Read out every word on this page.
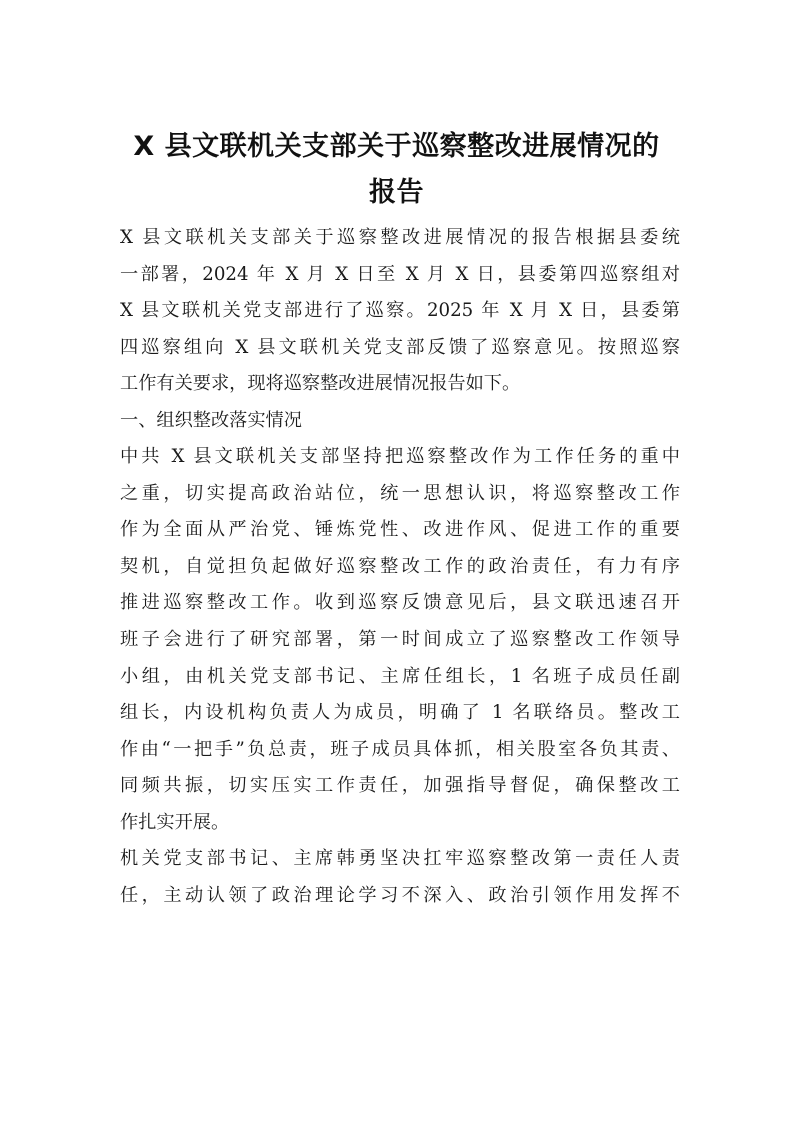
X 县文联机关支部关于巡察整改进展情况的
报告

X 县文联机关支部关于巡察整改进展情况的报告根据县委统

一部署，2024 年 X 月 X 日至 X 月 X 日，县委第四巡察组对

X 县文联机关党支部进行了巡察。2025 年 X 月 X 日，县委第

四巡察组向 X 县文联机关党支部反馈了巡察意见。按照巡察

工作有关要求，现将巡察整改进展情况报告如下。

一、组织整改落实情况

中共 X 县文联机关支部坚持把巡察整改作为工作任务的重中

之重，切实提高政治站位，统一思想认识，将巡察整改工作

作为全面从严治党、锤炼党性、改进作风、促进工作的重要

契机，自觉担负起做好巡察整改工作的政治责任，有力有序

推进巡察整改工作。收到巡察反馈意见后，县文联迅速召开

班子会进行了研究部署，第一时间成立了巡察整改工作领导

小组，由机关党支部书记、主席任组长，1 名班子成员任副

组长，内设机构负责人为成员，明确了 1 名联络员。整改工

作由“一把手”负总责，班子成员具体抓，相关股室各负其责、

同频共振，切实压实工作责任，加强指导督促，确保整改工

作扎实开展。

机关党支部书记、主席韩勇坚决扛牢巡察整改第一责任人责

任，主动认领了政治理论学习不深入、政治引领作用发挥不
